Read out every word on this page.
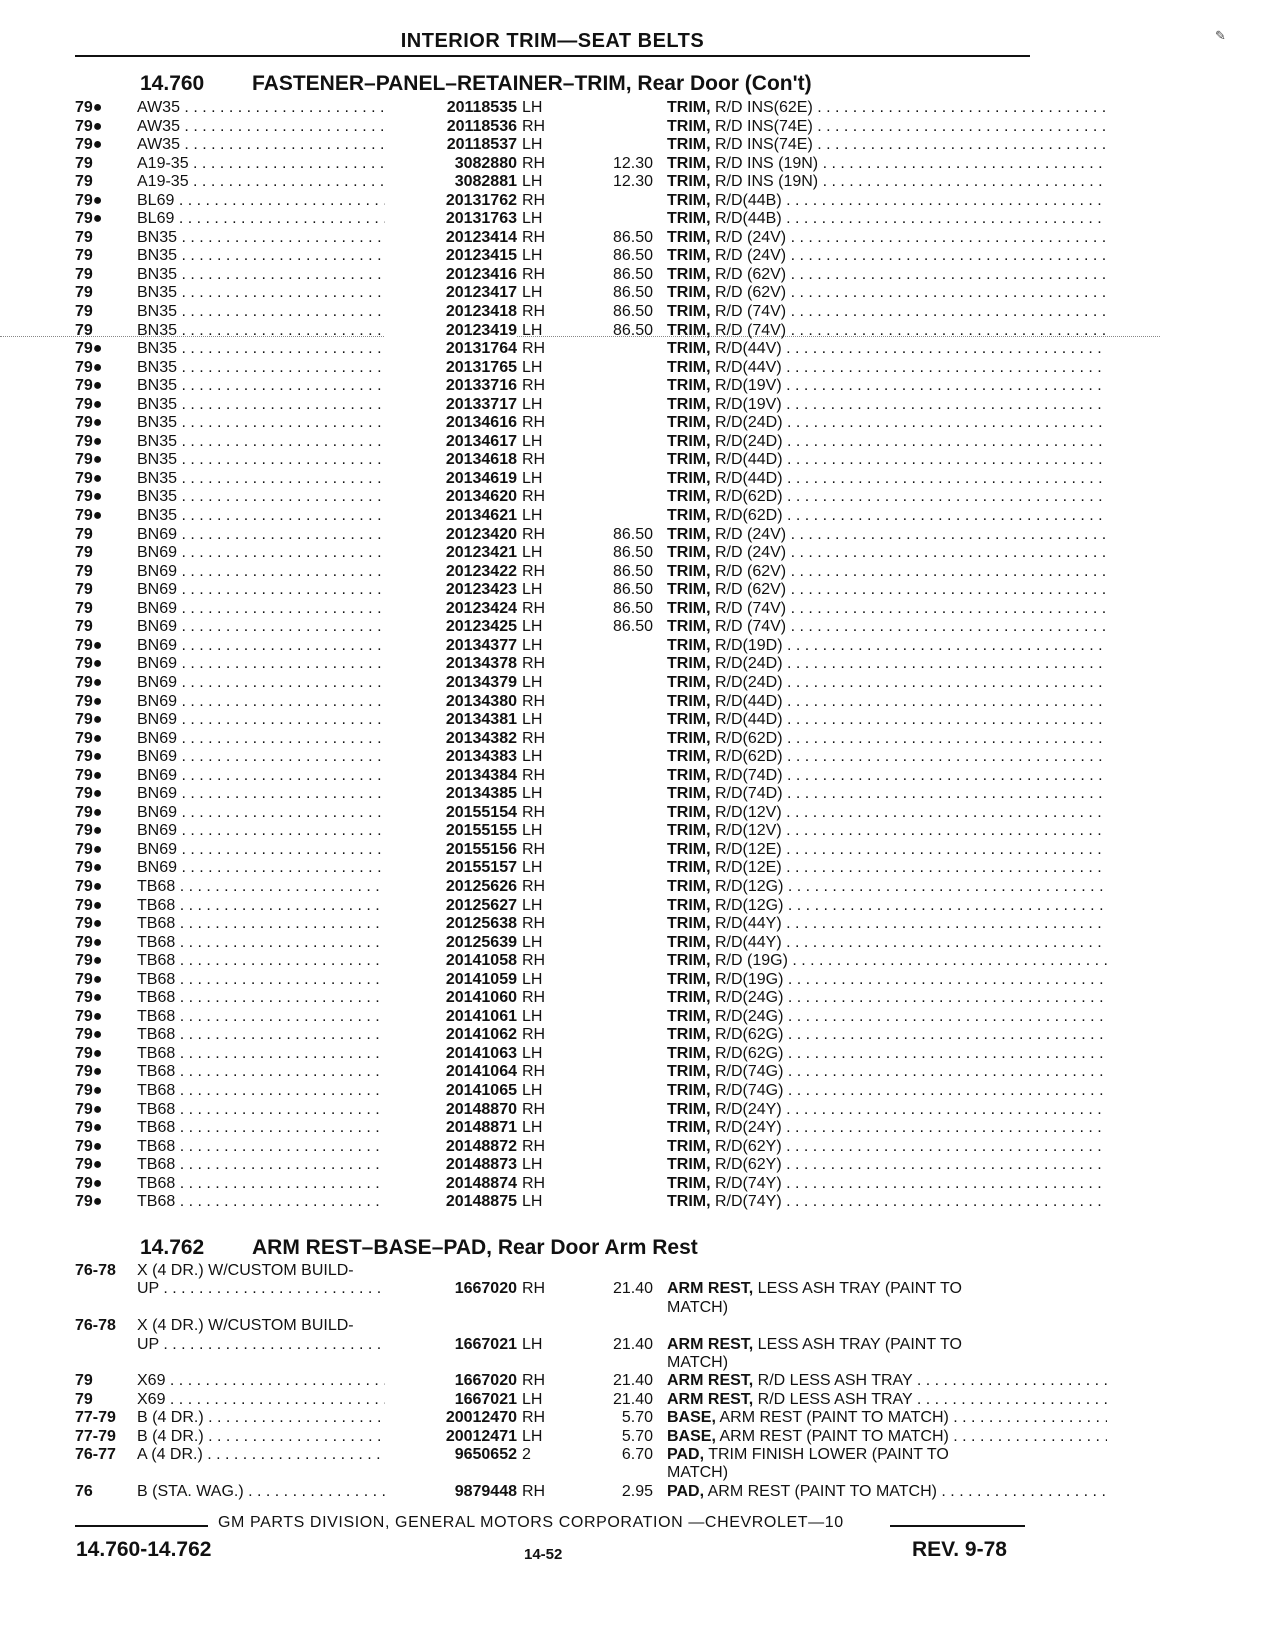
✎
INTERIOR TRIM—SEAT BELTS
14.760 FASTENER–PANEL–RETAINER–TRIM, Rear Door (Con't)
79●	AW35 . . .	20118535 LH	TRIM, R/D INS(62E) . . .
79●	AW35 . . .	20118536 RH	TRIM, R/D INS(74E) . . .
79●	AW35 . . .	20118537 LH	TRIM, R/D INS(74E) . . .
79	A19-35 . . .	3082880 RH	12.30 TRIM, R/D INS (19N) . . .
79	A19-35 . . .	3082881 LH	12.30 TRIM, R/D INS (19N) . . .
79●	BL69 . . .	20131762 RH	TRIM, R/D(44B) . . .
79●	BL69 . . .	20131763 LH	TRIM, R/D(44B) . . .
79	BN35 . . .	20123414 RH	86.50 TRIM, R/D (24V) . . .
79	BN35 . . .	20123415 LH	86.50 TRIM, R/D (24V) . . .
79	BN35 . . .	20123416 RH	86.50 TRIM, R/D (62V) . . .
79	BN35 . . .	20123417 LH	86.50 TRIM, R/D (62V) . . .
79	BN35 . . .	20123418 RH	86.50 TRIM, R/D (74V) . . .
79	BN35 . . .	20123419 LH	86.50 TRIM, R/D (74V) . . .
79●	BN35 . . .	20131764 RH	TRIM, R/D(44V) . . .
79●	BN35 . . .	20131765 LH	TRIM, R/D(44V) . . .
79●	BN35 . . .	20133716 RH	TRIM, R/D(19V) . . .
79●	BN35 . . .	20133717 LH	TRIM, R/D(19V) . . .
79●	BN35 . . .	20134616 RH	TRIM, R/D(24D) . . .
79●	BN35 . . .	20134617 LH	TRIM, R/D(24D) . . .
79●	BN35 . . .	20134618 RH	TRIM, R/D(44D) . . .
79●	BN35 . . .	20134619 LH	TRIM, R/D(44D) . . .
79●	BN35 . . .	20134620 RH	TRIM, R/D(62D) . . .
79●	BN35 . . .	20134621 LH	TRIM, R/D(62D) . . .
79	BN69 . . .	20123420 RH	86.50 TRIM, R/D (24V) . . .
79	BN69 . . .	20123421 LH	86.50 TRIM, R/D (24V) . . .
79	BN69 . . .	20123422 RH	86.50 TRIM, R/D (62V) . . .
79	BN69 . . .	20123423 LH	86.50 TRIM, R/D (62V) . . .
79	BN69 . . .	20123424 RH	86.50 TRIM, R/D (74V) . . .
79	BN69 . . .	20123425 LH	86.50 TRIM, R/D (74V) . . .
79●	BN69 . . .	20134377 LH	TRIM, R/D(19D) . . .
79●	BN69 . . .	20134378 RH	TRIM, R/D(24D) . . .
79●	BN69 . . .	20134379 LH	TRIM, R/D(24D) . . .
79●	BN69 . . .	20134380 RH	TRIM, R/D(44D) . . .
79●	BN69 . . .	20134381 LH	TRIM, R/D(44D) . . .
79●	BN69 . . .	20134382 RH	TRIM, R/D(62D) . . .
79●	BN69 . . .	20134383 LH	TRIM, R/D(62D) . . .
79●	BN69 . . .	20134384 RH	TRIM, R/D(74D) . . .
79●	BN69 . . .	20134385 LH	TRIM, R/D(74D) . . .
79●	BN69 . . .	20155154 RH	TRIM, R/D(12V) . . .
79●	BN69 . . .	20155155 LH	TRIM, R/D(12V) . . .
79●	BN69 . . .	20155156 RH	TRIM, R/D(12E) . . .
79●	BN69 . . .	20155157 LH	TRIM, R/D(12E) . . .
79●	TB68 . . .	20125626 RH	TRIM, R/D(12G) . . .
79●	TB68 . . .	20125627 LH	TRIM, R/D(12G) . . .
79●	TB68 . . .	20125638 RH	TRIM, R/D(44Y) . . .
79●	TB68 . . .	20125639 LH	TRIM, R/D(44Y) . . .
79●	TB68 . . .	20141058 RH	TRIM, R/D (19G) . . .
79●	TB68 . . .	20141059 LH	TRIM, R/D(19G) . . .
79●	TB68 . . .	20141060 RH	TRIM, R/D(24G) . . .
79●	TB68 . . .	20141061 LH	TRIM, R/D(24G) . . .
79●	TB68 . . .	20141062 RH	TRIM, R/D(62G) . . .
79●	TB68 . . .	20141063 LH	TRIM, R/D(62G) . . .
79●	TB68 . . .	20141064 RH	TRIM, R/D(74G) . . .
79●	TB68 . . .	20141065 LH	TRIM, R/D(74G) . . .
79●	TB68 . . .	20148870 RH	TRIM, R/D(24Y) . . .
79●	TB68 . . .	20148871 LH	TRIM, R/D(24Y) . . .
79●	TB68 . . .	20148872 RH	TRIM, R/D(62Y) . . .
79●	TB68 . . .	20148873 LH	TRIM, R/D(62Y) . . .
79●	TB68 . . .	20148874 RH	TRIM, R/D(74Y) . . .
79●	TB68 . . .	20148875 LH	TRIM, R/D(74Y) . . .
14.762 ARM REST–BASE–PAD, Rear Door Arm Rest
76-78	X (4 DR.) W/CUSTOM BUILD-
UP . . .	1667020 RH	21.40 ARM REST, LESS ASH TRAY (PAINT TO
MATCH)
76-78	X (4 DR.) W/CUSTOM BUILD-
UP . . .	1667021 LH	21.40 ARM REST, LESS ASH TRAY (PAINT TO
MATCH)
79	X69 . . .	1667020 RH	21.40 ARM REST, R/D LESS ASH TRAY . . .
79	X69 . . .	1667021 LH	21.40 ARM REST, R/D LESS ASH TRAY . . .
77-79	B (4 DR.) . . .	20012470 RH	5.70 BASE, ARM REST (PAINT TO MATCH) . . .
77-79	B (4 DR.) . . .	20012471 LH	5.70 BASE, ARM REST (PAINT TO MATCH) . . .
76-77	A (4 DR.) . . .	9650652 2	6.70 PAD, TRIM FINISH LOWER (PAINT TO
MATCH)
76	B (STA. WAG.) . . .	9879448 RH	2.95 PAD, ARM REST (PAINT TO MATCH) . . .
GM PARTS DIVISION, GENERAL MOTORS CORPORATION —CHEVROLET—10
14.760-14.762	14-52	REV. 9-78
